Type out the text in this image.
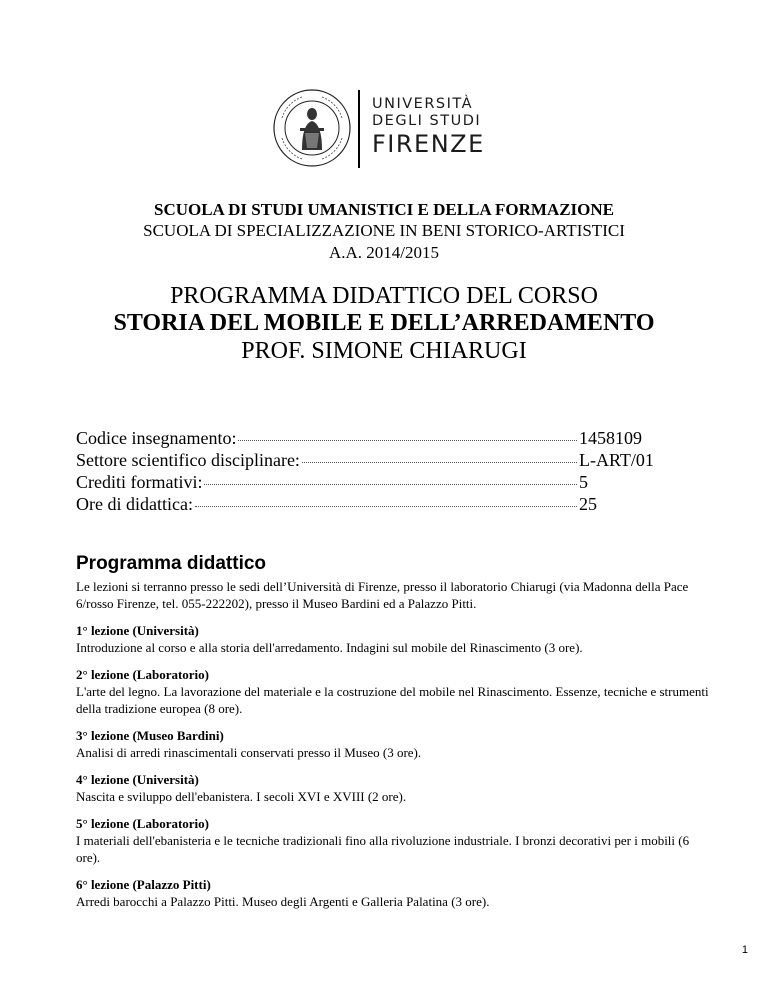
UNIVERSITÀ
DEGLI STUDI
FIRENZE
SCUOLA DI STUDI UMANISTICI E DELLA FORMAZIONE
SCUOLA DI SPECIALIZZAZIONE IN BENI STORICO-ARTISTICI
A.A. 2014/2015
PROGRAMMA DIDATTICO DEL CORSO
STORIA DEL MOBILE E DELL’ARREDAMENTO
PROF. SIMONE CHIARUGI
Codice insegnamento:	1458109
Settore scientifico disciplinare:	L-ART/01
Crediti formativi:	5
Ore di didattica:	25
Programma didattico

Le lezioni si terranno presso le sedi dell’Università di Firenze, presso il laboratorio Chiarugi (via Madonna della Pace 6/rosso Firenze, tel. 055-222202), presso il Museo Bardini ed a Palazzo Pitti.

1° lezione (Università)
Introduzione al corso e alla storia dell'arredamento. Indagini sul mobile del Rinascimento (3 ore).
2° lezione (Laboratorio)
L'arte del legno. La lavorazione del materiale e la costruzione del mobile nel Rinascimento. Essenze, tecniche e strumenti della tradizione europea (8 ore).
3° lezione (Museo Bardini)
Analisi di arredi rinascimentali conservati presso il Museo (3 ore).
4° lezione (Università)
Nascita e sviluppo dell'ebanistera. I secoli XVI e XVIII (2 ore).
5° lezione (Laboratorio)
I materiali dell'ebanisteria e le tecniche tradizionali fino alla rivoluzione industriale. I bronzi decorativi per i mobili (6 ore).
6° lezione (Palazzo Pitti)
Arredi barocchi a Palazzo Pitti. Museo degli Argenti e Galleria Palatina (3 ore).
1
